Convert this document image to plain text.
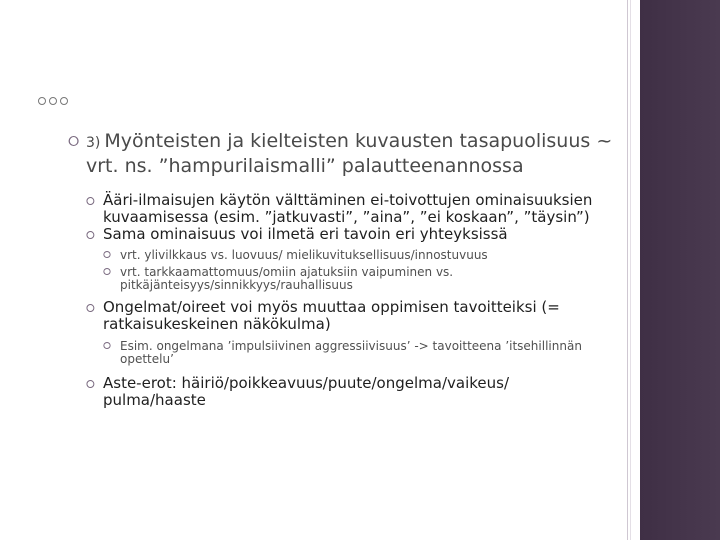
⭘ 3) Myönteisten ja kielteisten kuvausten tasapuolisuus ~ vrt. ns. ”hampurilaismalli” palautteenannossa
⭘ Ääri-ilmaisujen käytön välttäminen ei-toivottujen ominaisuuksien kuvaamisessa (esim. ”jatkuvasti”, ”aina”, ”ei koskaan”, ”täysin”)
⭘ Sama ominaisuus voi ilmetä eri tavoin eri yhteyksissä
⭘ vrt. ylivilkkaus vs. luovuus/ mielikuvituksellisuus/innostuvuus
⭘ vrt. tarkkaamattomuus/omiin ajatuksiin vaipuminen vs. pitkäjänteisyys/sinnikkyys/rauhallisuus
⭘ Ongelmat/oireet voi myös muuttaa oppimisen tavoitteiksi (= ratkaisukeskeinen näkökulma)
⭘ Esim. ongelmana ’impulsiivinen aggressiivisuus’ -> tavoitteena ’itsehillinnän opettelu’
⭘ Aste-erot: häiriö/poikkeavuus/puute/ongelma/vaikeus/ pulma/haaste
